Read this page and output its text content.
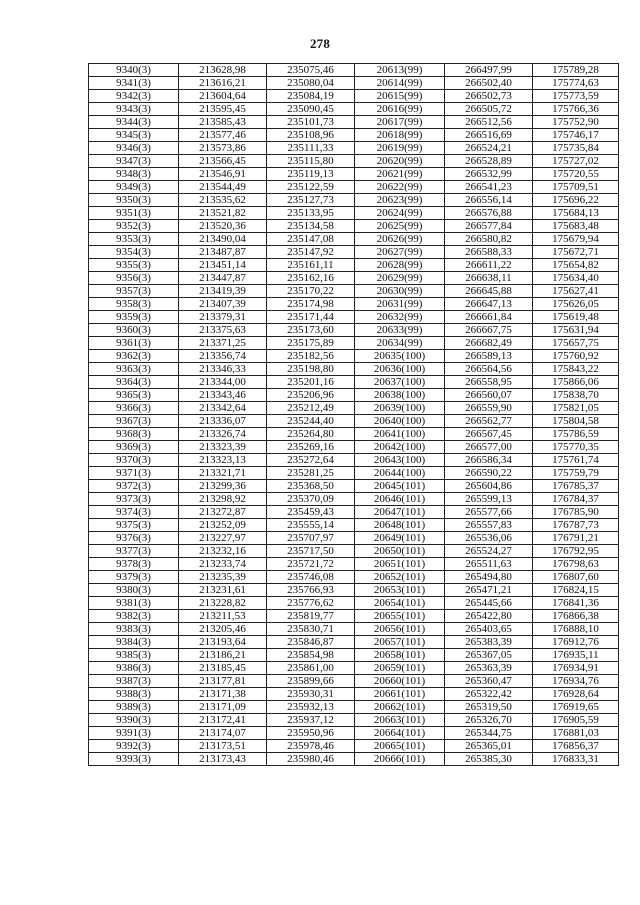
278
9340(3)	213628,98	235075,46	20613(99)	266497,99	175789,28
9341(3)	213616,21	235080,04	20614(99)	266502,40	175774,63
9342(3)	213604,64	235084,19	20615(99)	266502,73	175773,59
9343(3)	213595,45	235090,45	20616(99)	266505,72	175766,36
9344(3)	213585,43	235101,73	20617(99)	266512,56	175752,90
9345(3)	213577,46	235108,96	20618(99)	266516,69	175746,17
9346(3)	213573,86	235111,33	20619(99)	266524,21	175735,84
9347(3)	213566,45	235115,80	20620(99)	266528,89	175727,02
9348(3)	213546,91	235119,13	20621(99)	266532,99	175720,55
9349(3)	213544,49	235122,59	20622(99)	266541,23	175709,51
9350(3)	213535,62	235127,73	20623(99)	266556,14	175696,22
9351(3)	213521,82	235133,95	20624(99)	266576,88	175684,13
9352(3)	213520,36	235134,58	20625(99)	266577,84	175683,48
9353(3)	213490,04	235147,08	20626(99)	266580,82	175679,94
9354(3)	213487,87	235147,92	20627(99)	266588,33	175672,71
9355(3)	213451,14	235161,11	20628(99)	266611,22	175654,82
9356(3)	213447,87	235162,16	20629(99)	266638,11	175634,40
9357(3)	213419,39	235170,22	20630(99)	266645,88	175627,41
9358(3)	213407,39	235174,98	20631(99)	266647,13	175626,05
9359(3)	213379,31	235171,44	20632(99)	266661,84	175619,48
9360(3)	213375,63	235173,60	20633(99)	266667,75	175631,94
9361(3)	213371,25	235175,89	20634(99)	266682,49	175657,75
9362(3)	213356,74	235182,56	20635(100)	266589,13	175760,92
9363(3)	213346,33	235198,80	20636(100)	266564,56	175843,22
9364(3)	213344,00	235201,16	20637(100)	266558,95	175866,06
9365(3)	213343,46	235206,96	20638(100)	266560,07	175838,70
9366(3)	213342,64	235212,49	20639(100)	266559,90	175821,05
9367(3)	213336,07	235244,40	20640(100)	266562,77	175804,58
9368(3)	213326,74	235264,80	20641(100)	266567,45	175786,59
9369(3)	213323,39	235269,16	20642(100)	266577,00	175770,35
9370(3)	213323,13	235272,64	20643(100)	266586,34	175761,74
9371(3)	213321,71	235281,25	20644(100)	266590,22	175759,79
9372(3)	213299,36	235368,50	20645(101)	265604,86	176785,37
9373(3)	213298,92	235370,09	20646(101)	265599,13	176784,37
9374(3)	213272,87	235459,43	20647(101)	265577,66	176785,90
9375(3)	213252,09	235555,14	20648(101)	265557,83	176787,73
9376(3)	213227,97	235707,97	20649(101)	265536,06	176791,21
9377(3)	213232,16	235717,50	20650(101)	265524,27	176792,95
9378(3)	213233,74	235721,72	20651(101)	265511,63	176798,63
9379(3)	213235,39	235746,08	20652(101)	265494,80	176807,60
9380(3)	213231,61	235766,93	20653(101)	265471,21	176824,15
9381(3)	213228,82	235776,62	20654(101)	265445,66	176841,36
9382(3)	213211,53	235819,77	20655(101)	265422,80	176866,38
9383(3)	213205,46	235830,71	20656(101)	265403,65	176888,10
9384(3)	213193,64	235846,87	20657(101)	265383,39	176912,76
9385(3)	213186,21	235854,98	20658(101)	265367,05	176935,11
9386(3)	213185,45	235861,00	20659(101)	265363,39	176934,91
9387(3)	213177,81	235899,66	20660(101)	265360,47	176934,76
9388(3)	213171,38	235930,31	20661(101)	265322,42	176928,64
9389(3)	213171,09	235932,13	20662(101)	265319,50	176919,65
9390(3)	213172,41	235937,12	20663(101)	265326,70	176905,59
9391(3)	213174,07	235950,96	20664(101)	265344,75	176881,03
9392(3)	213173,51	235978,46	20665(101)	265365,01	176856,37
9393(3)	213173,43	235980,46	20666(101)	265385,30	176833,31
